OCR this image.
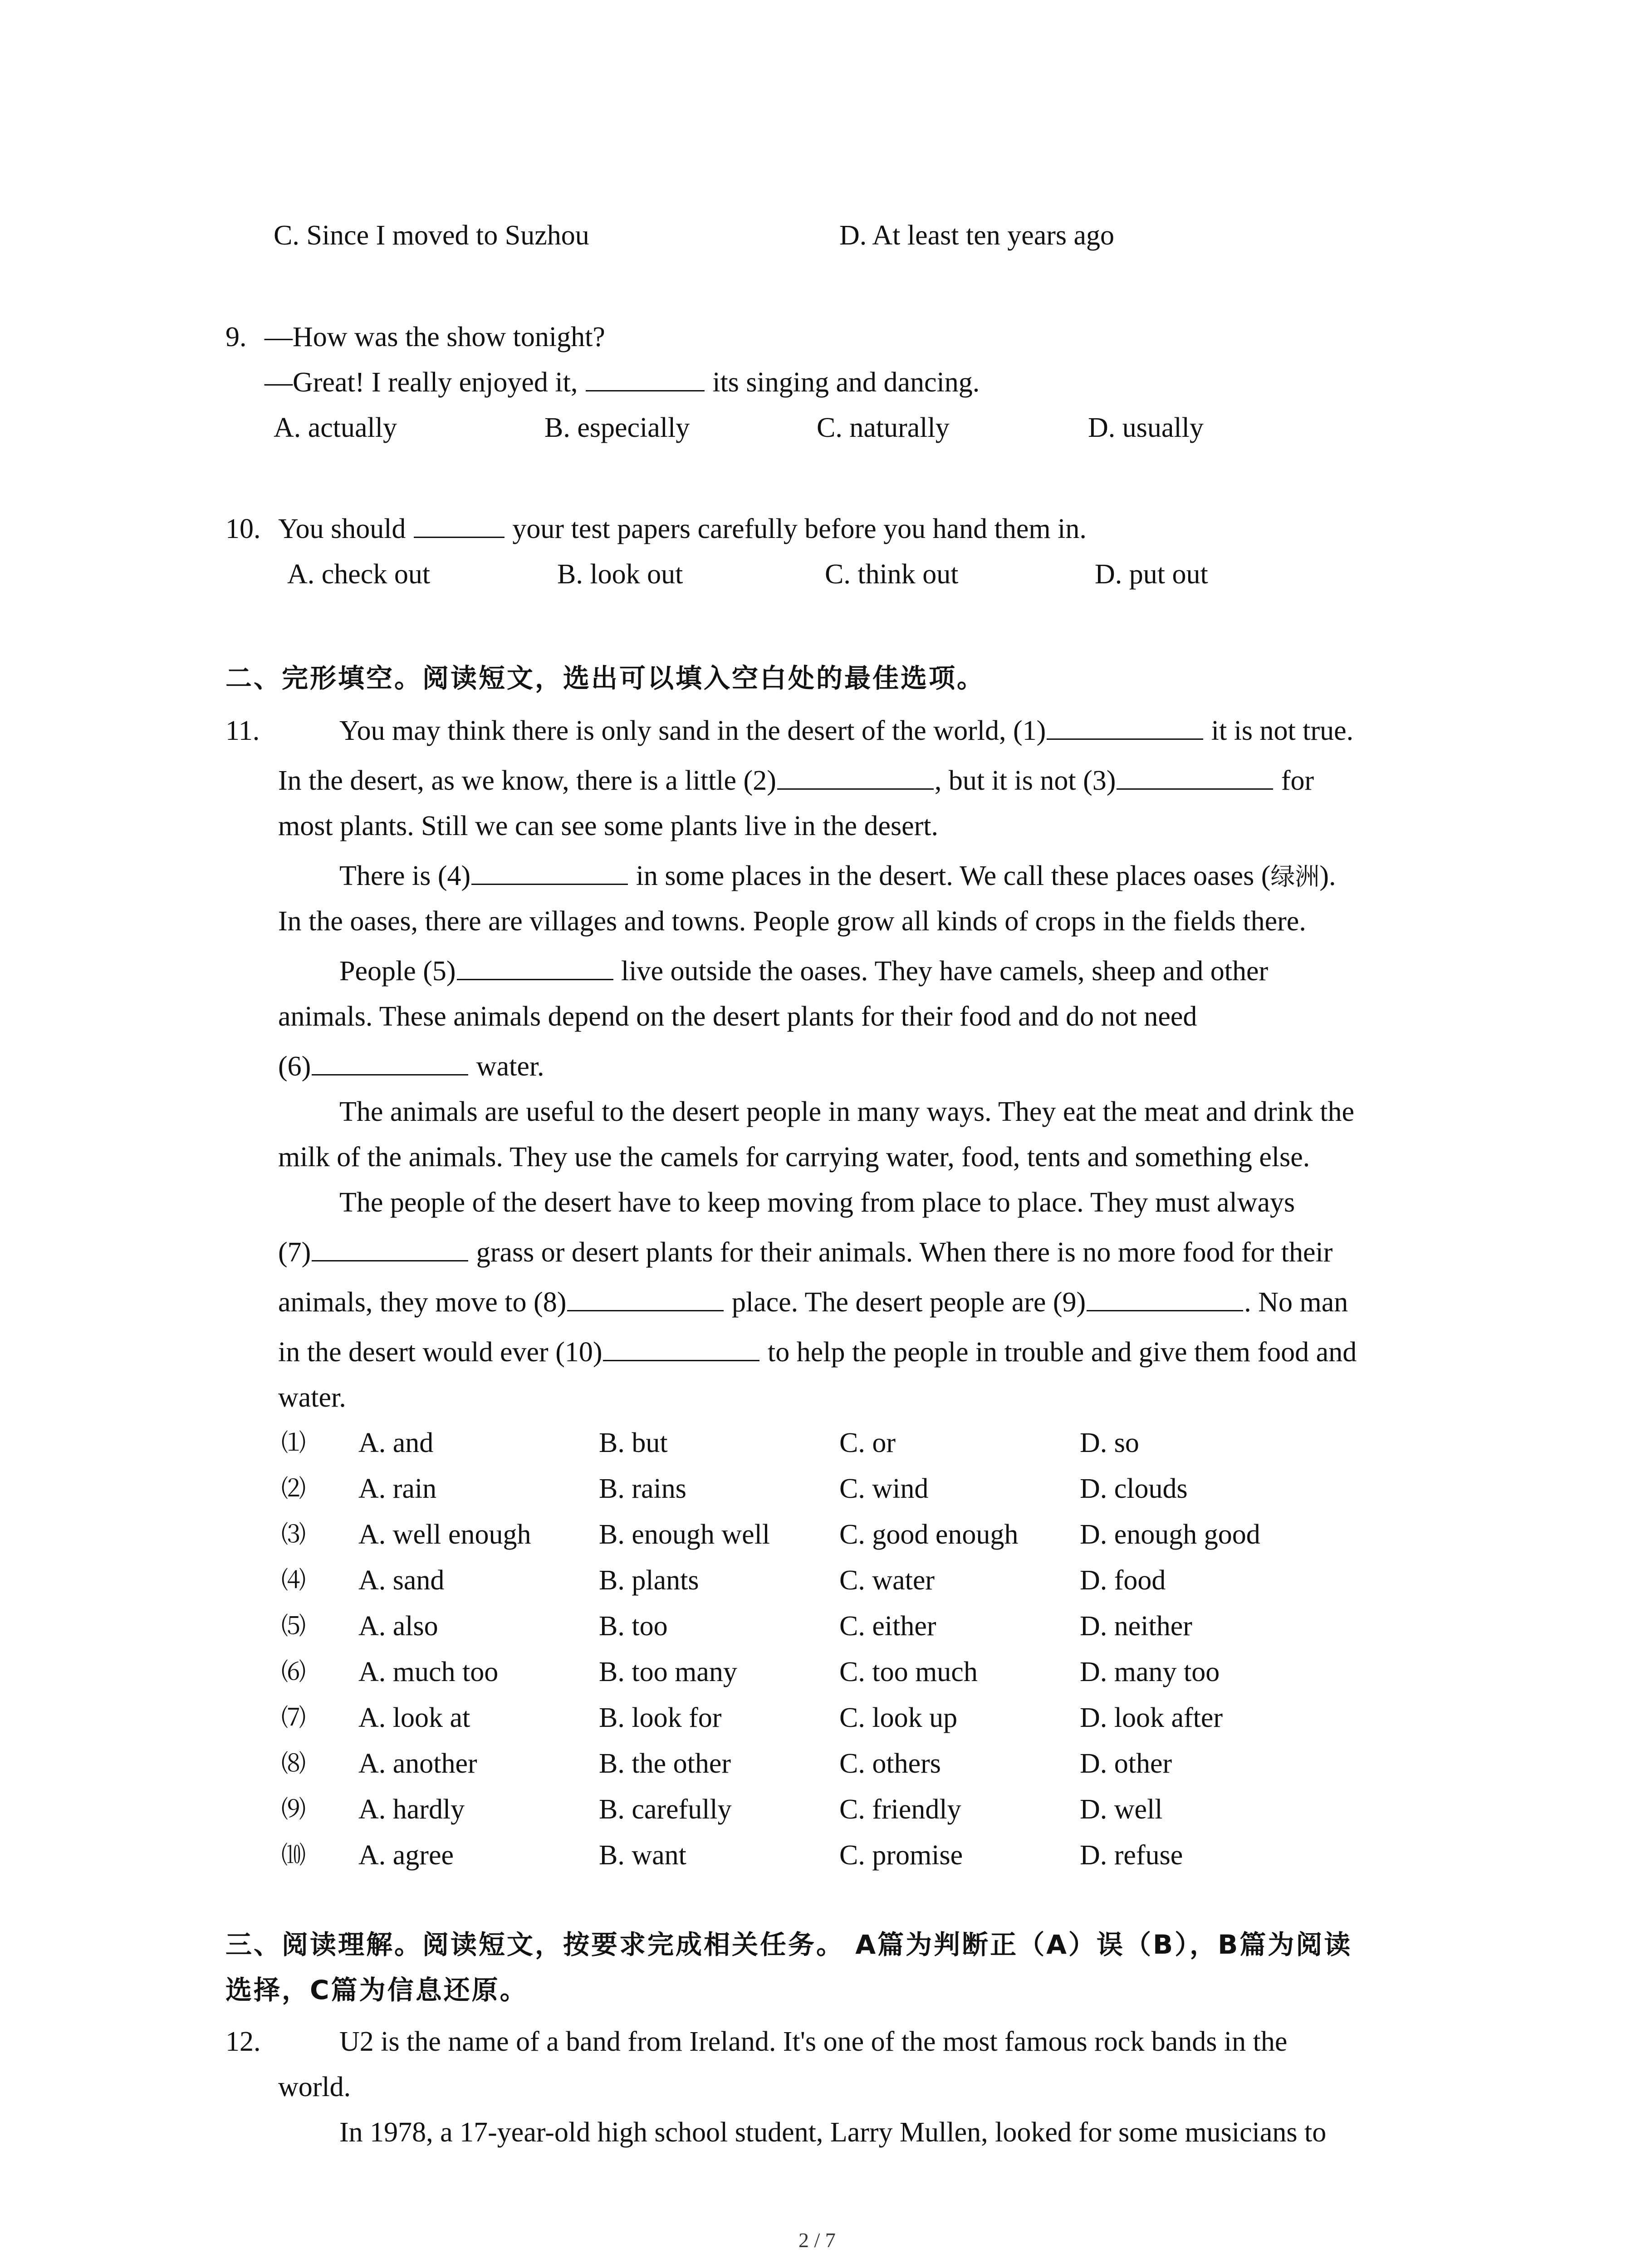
C. Since I moved to Suzhou	D. At least ten years ago
9. —How was the show tonight?
—Great! I really enjoyed it,	its singing and dancing.
A. actually	B. especially	C. naturally	D. usually
10. You should	your test papers carefully before you hand them in.
A. check out	B. look out	C. think out	D. put out
二、完形填空。阅读短文，选出可以填入空白处的最佳选项。
11.	You may think there is only sand in the desert of the world, (1)	it is not true.
In the desert, as we know, there is a little (2)	, but it is not (3)	for
most plants. Still we can see some plants live in the desert.
There is (4)	in some places in the desert. We call these places oases (绿洲).
In the oases, there are villages and towns. People grow all kinds of crops in the fields there.
People (5)	live outside the oases. They have camels, sheep and other
animals. These animals depend on the desert plants for their food and do not need
(6)	water.
The animals are useful to the desert people in many ways. They eat the meat and drink the
milk of the animals. They use the camels for carrying water, food, tents and something else.
The people of the desert have to keep moving from place to place. They must always
(7)	grass or desert plants for their animals. When there is no more food for their
animals, they move to (8)	place. The desert people are (9)	. No man
in the desert would ever (10)	to help the people in trouble and give them food and
water.
⑴ A. and	B. but	C. or	D. so
⑵ A. rain	B. rains	C. wind	D. clouds
⑶ A. well enough B. enough well C. good enough D. enough good
⑷ A. sand	B. plants	C. water	D. food
⑸ A. also	B. too	C. either	D. neither
⑹ A. much too	B. too many	C. too much	D. many too
⑺ A. look at	B. look for	C. look up	D. look after
⑻ A. another	B. the other	C. others	D. other
⑼ A. hardly	B. carefully	C. friendly	D. well
⑽ A. agree	B. want	C. promise	D. refuse
三、阅读理解。阅读短文，按要求完成相关任务。 A篇为判断正（A）误（B），B篇为阅读
选择，C篇为信息还原。
12.	U2 is the name of a band from Ireland. It's one of the most famous rock bands in the
world.
In 1978, a 17-year-old high school student, Larry Mullen, looked for some musicians to
2 / 7
